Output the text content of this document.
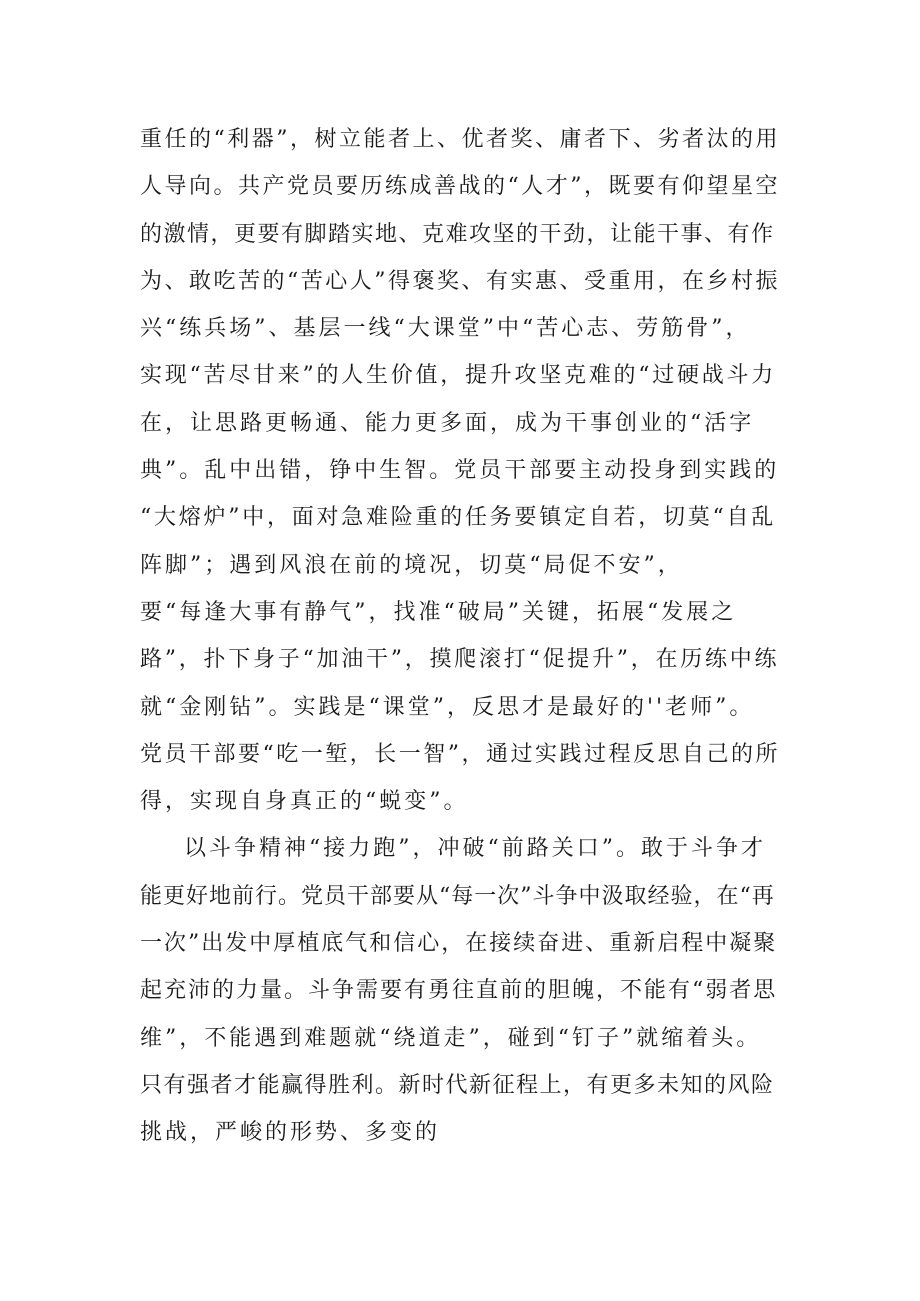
重任的“利器”，树立能者上、优者奖、庸者下、劣者汰的用
人导向。共产党员要历练成善战的“人才”，既要有仰望星空
的激情，更要有脚踏实地、克难攻坚的干劲，让能干事、有作
为、敢吃苦的“苦心人”得褒奖、有实惠、受重用，在乡村振
兴“练兵场”、基层一线“大课堂”中“苦心志、劳筋骨”，
实现“苦尽甘来”的人生价值，提升攻坚克难的“过硬战斗力
在，让思路更畅通、能力更多面，成为干事创业的“活字
典”。乱中出错，铮中生智。党员干部要主动投身到实践的
“大熔炉”中，面对急难险重的任务要镇定自若，切莫“自乱
阵脚”；遇到风浪在前的境况，切莫“局促不安”，
要“每逢大事有静气”，找准“破局”关键，拓展“发展之
路”，扑下身子“加油干”，摸爬滚打“促提升”，在历练中练
就“金刚钻”。实践是“课堂”，反思才是最好的''老师”。
党员干部要“吃一堑，长一智”，通过实践过程反思自己的所
得，实现自身真正的“蜕变”。
以斗争精神“接力跑”，冲破“前路关口”。敢于斗争才
能更好地前行。党员干部要从“每一次”斗争中汲取经验，在“再
一次”出发中厚植底气和信心，在接续奋进、重新启程中凝聚
起充沛的力量。斗争需要有勇往直前的胆魄，不能有“弱者思
维”，不能遇到难题就“绕道走”，碰到“钉子”就缩着头。
只有强者才能赢得胜利。新时代新征程上，有更多未知的风险
挑战，严峻的形势、多变的
